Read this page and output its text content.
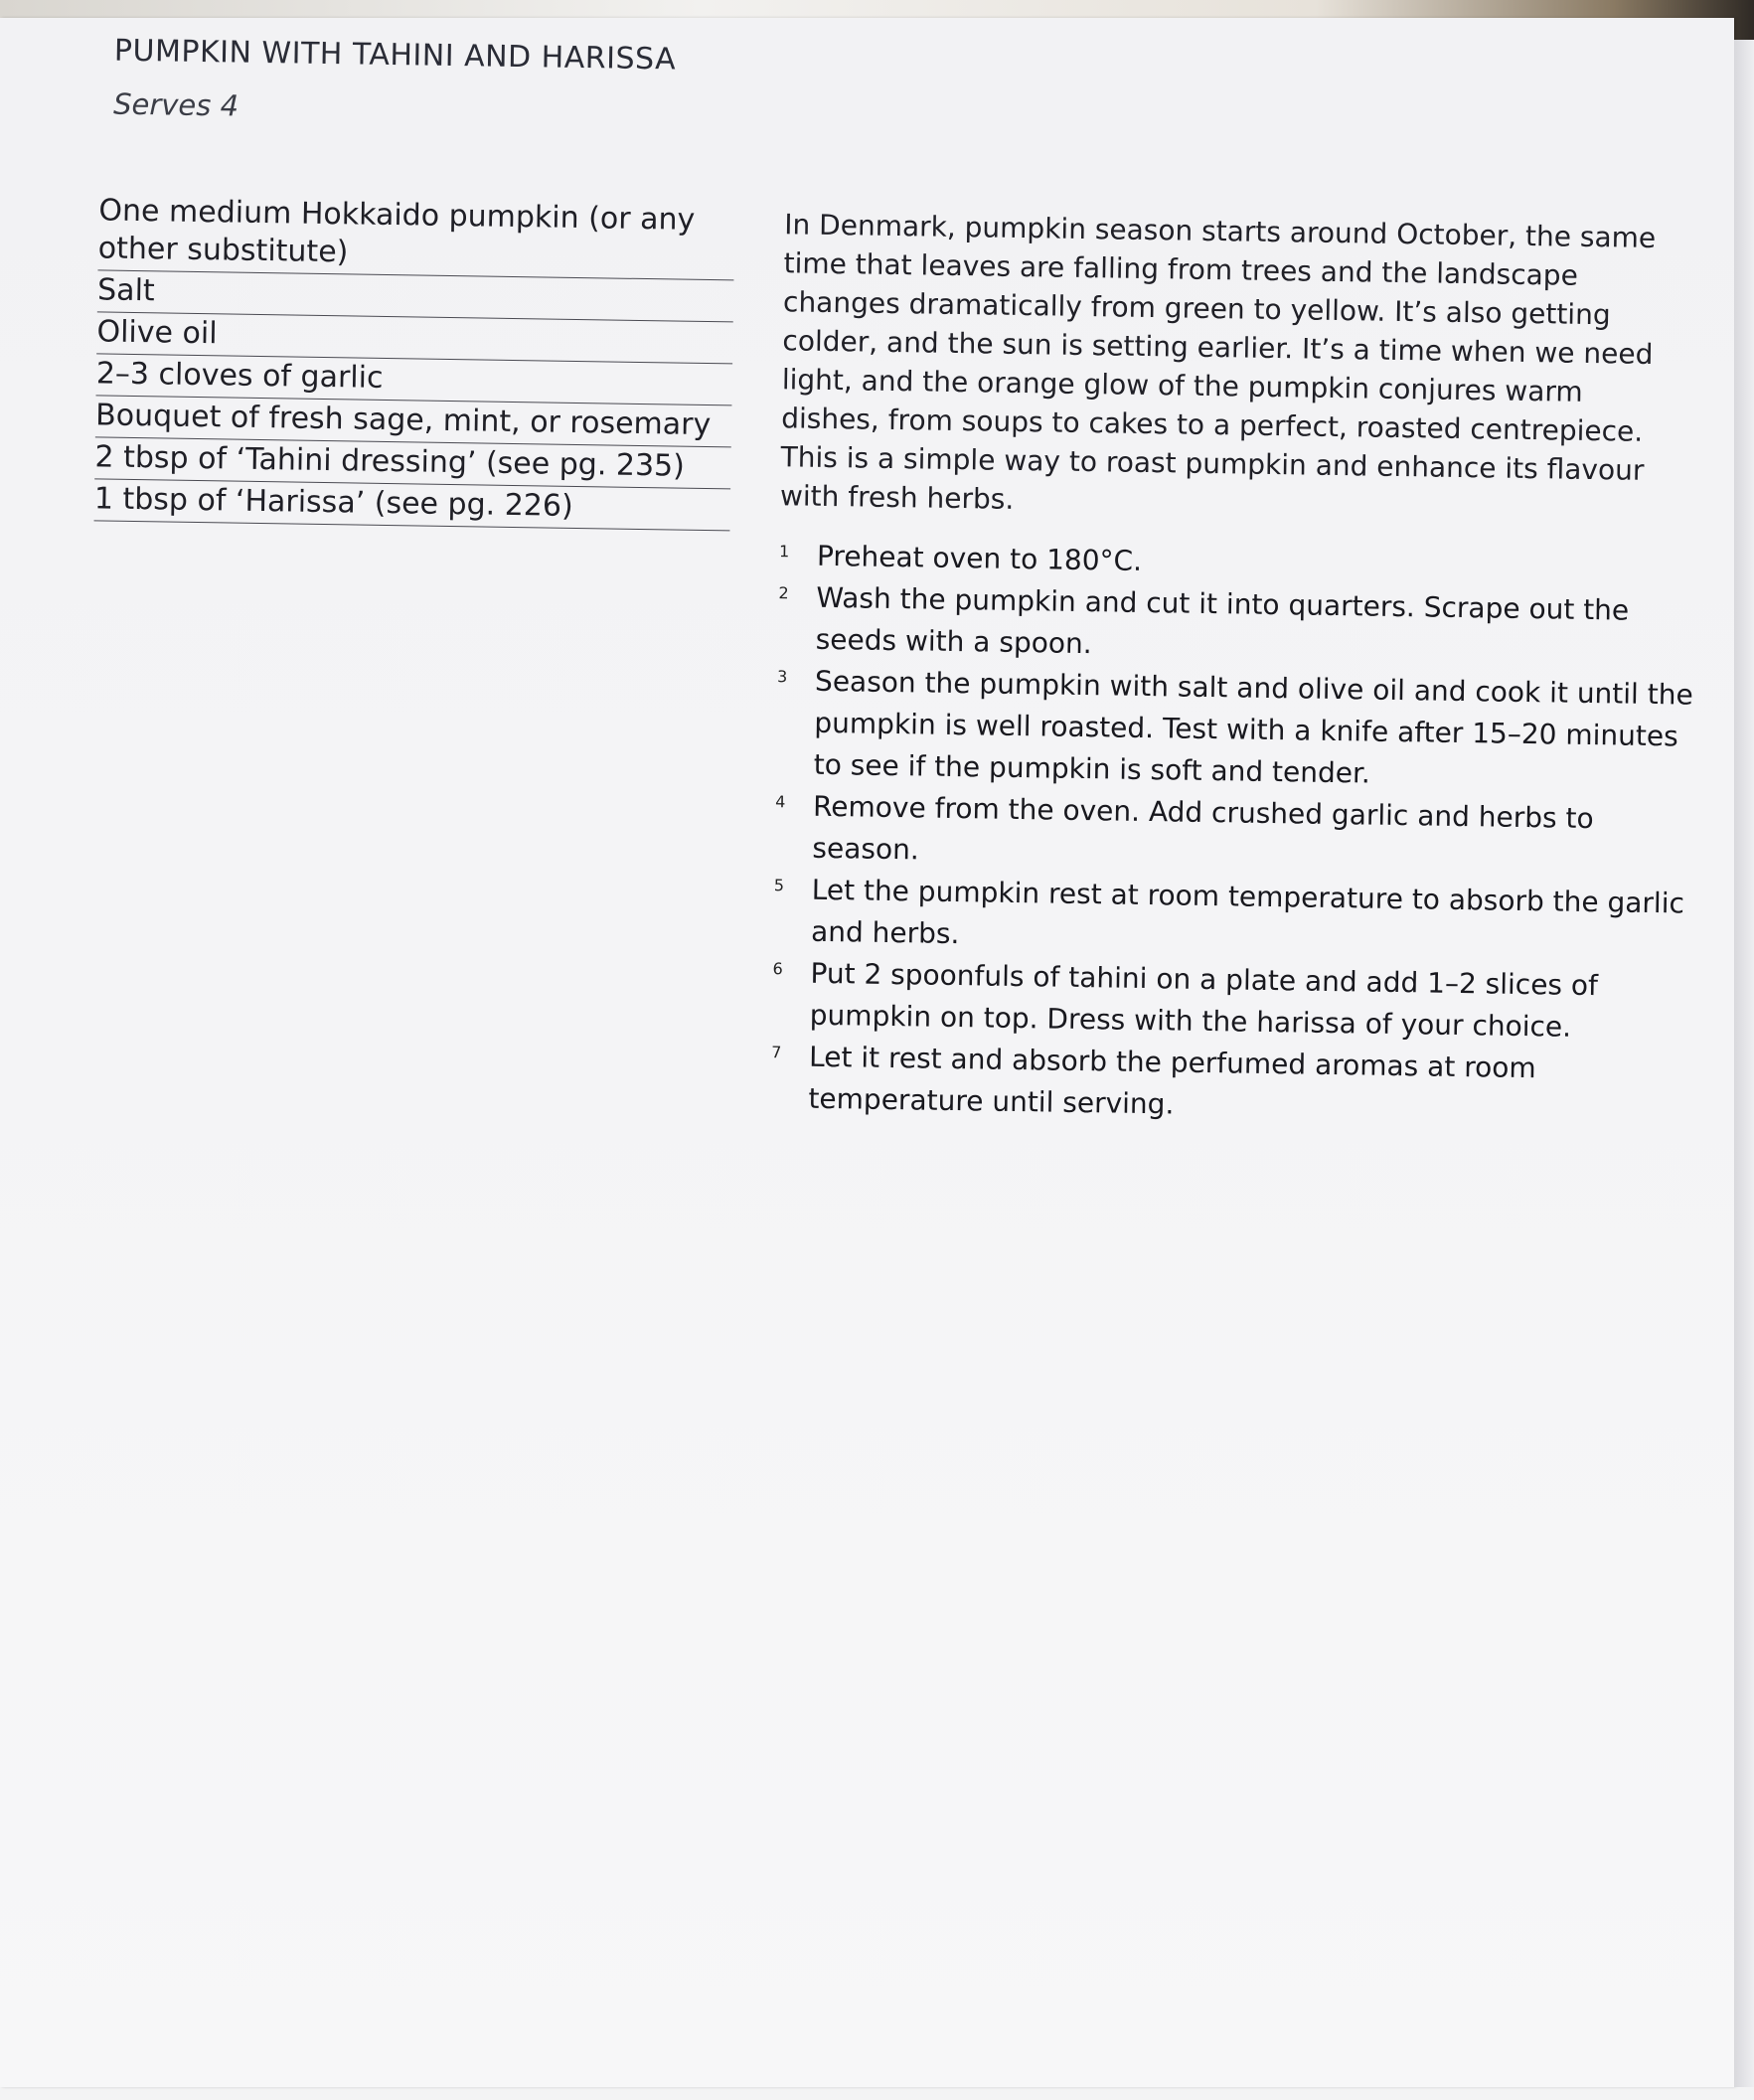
PUMPKIN WITH TAHINI AND HARISSA
Serves 4
One medium Hokkaido pumpkin (or any other substitute)
Salt
Olive oil
2–3 cloves of garlic
Bouquet of fresh sage, mint, or rosemary
2 tbsp of ‘Tahini dressing’ (see pg. 235)
1 tbsp of ‘Harissa’ (see pg. 226)

In Denmark, pumpkin season starts around October, the same time that leaves are falling from trees and the landscape changes dramatically from green to yellow. It’s also getting colder, and the sun is setting earlier. It’s a time when we need light, and the orange glow of the pumpkin conjures warm dishes, from soups to cakes to a perfect, roasted centrepiece. This is a simple way to roast pumpkin and enhance its flavour with fresh herbs.

1 Preheat oven to 180°C.
2 Wash the pumpkin and cut it into quarters. Scrape out the seeds with a spoon.
3 Season the pumpkin with salt and olive oil and cook it until the pumpkin is well roasted. Test with a knife after 15–20 minutes to see if the pumpkin is soft and tender.
4 Remove from the oven. Add crushed garlic and herbs to season.
5 Let the pumpkin rest at room temperature to absorb the garlic and herbs.
6 Put 2 spoonfuls of tahini on a plate and add 1–2 slices of pumpkin on top. Dress with the harissa of your choice.
7 Let it rest and absorb the perfumed aromas at room temperature until serving.
